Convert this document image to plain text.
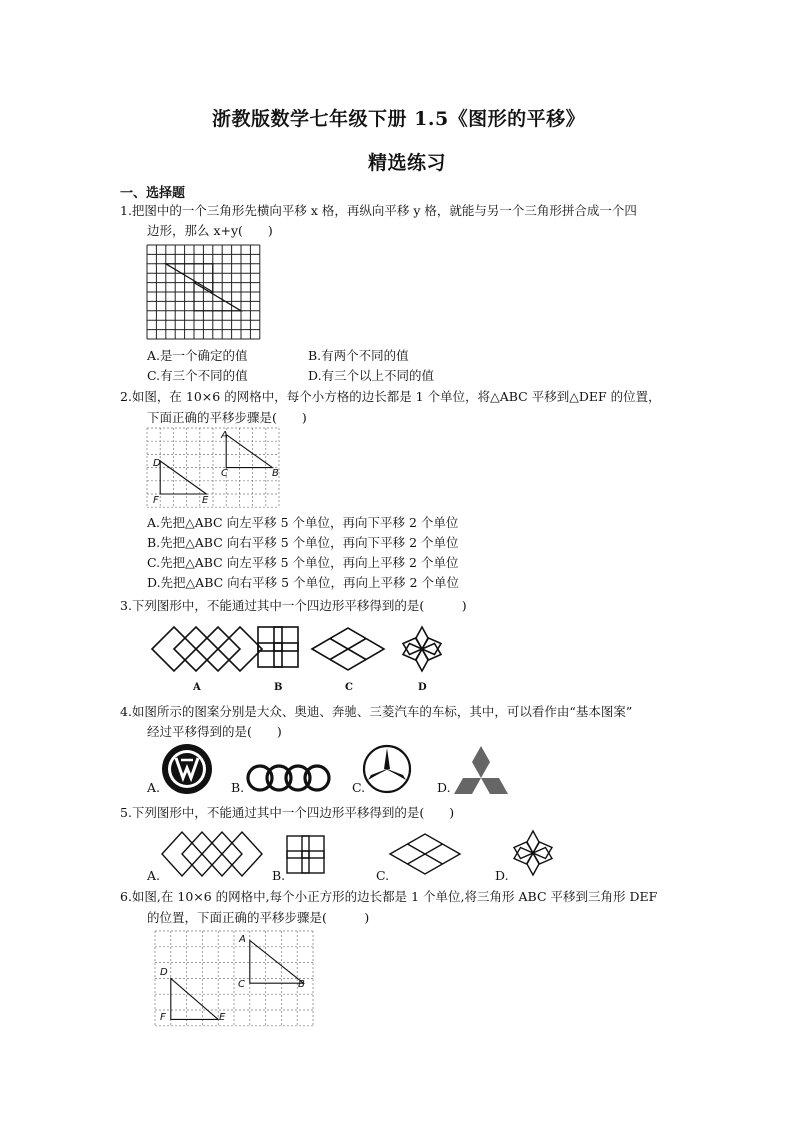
浙教版数学七年级下册 1.5《图形的平移》
精选练习
一、选择题
1.把图中的一个三角形先横向平移 x 格，再纵向平移 y 格，就能与另一个三角形拼合成一个四
边形，那么 x+y(　　)
A.是一个确定的值	B.有两个不同的值
C.有三个不同的值	D.有三个以上不同的值
2.如图，在 10×6 的网格中，每个小方格的边长都是 1 个单位，将△ABC 平移到△DEF 的位置，
下面正确的平移步骤是(　　)
A.先把△ABC 向左平移 5 个单位，再向下平移 2 个单位
B.先把△ABC 向右平移 5 个单位，再向下平移 2 个单位
C.先把△ABC 向左平移 5 个单位，再向上平移 2 个单位
D.先把△ABC 向右平移 5 个单位，再向上平移 2 个单位
3.下列图形中，不能通过其中一个四边形平移得到的是(　　　)
A	B	C	D
4.如图所示的图案分别是大众、奥迪、奔驰、三菱汽车的车标，其中，可以看作由“基本图案”
经过平移得到的是(　　)
A.	B.	C.	D.
5.下列图形中，不能通过其中一个四边形平移得到的是(　　)
A.	B.	C.	D.
6.如图,在 10×6 的网格中,每个小正方形的边长都是 1 个单位,将三角形 ABC 平移到三角形 DEF
的位置，下面正确的平移步骤是(　　　)
A
B
C
D
E
F
A
B
C
D
E
F
